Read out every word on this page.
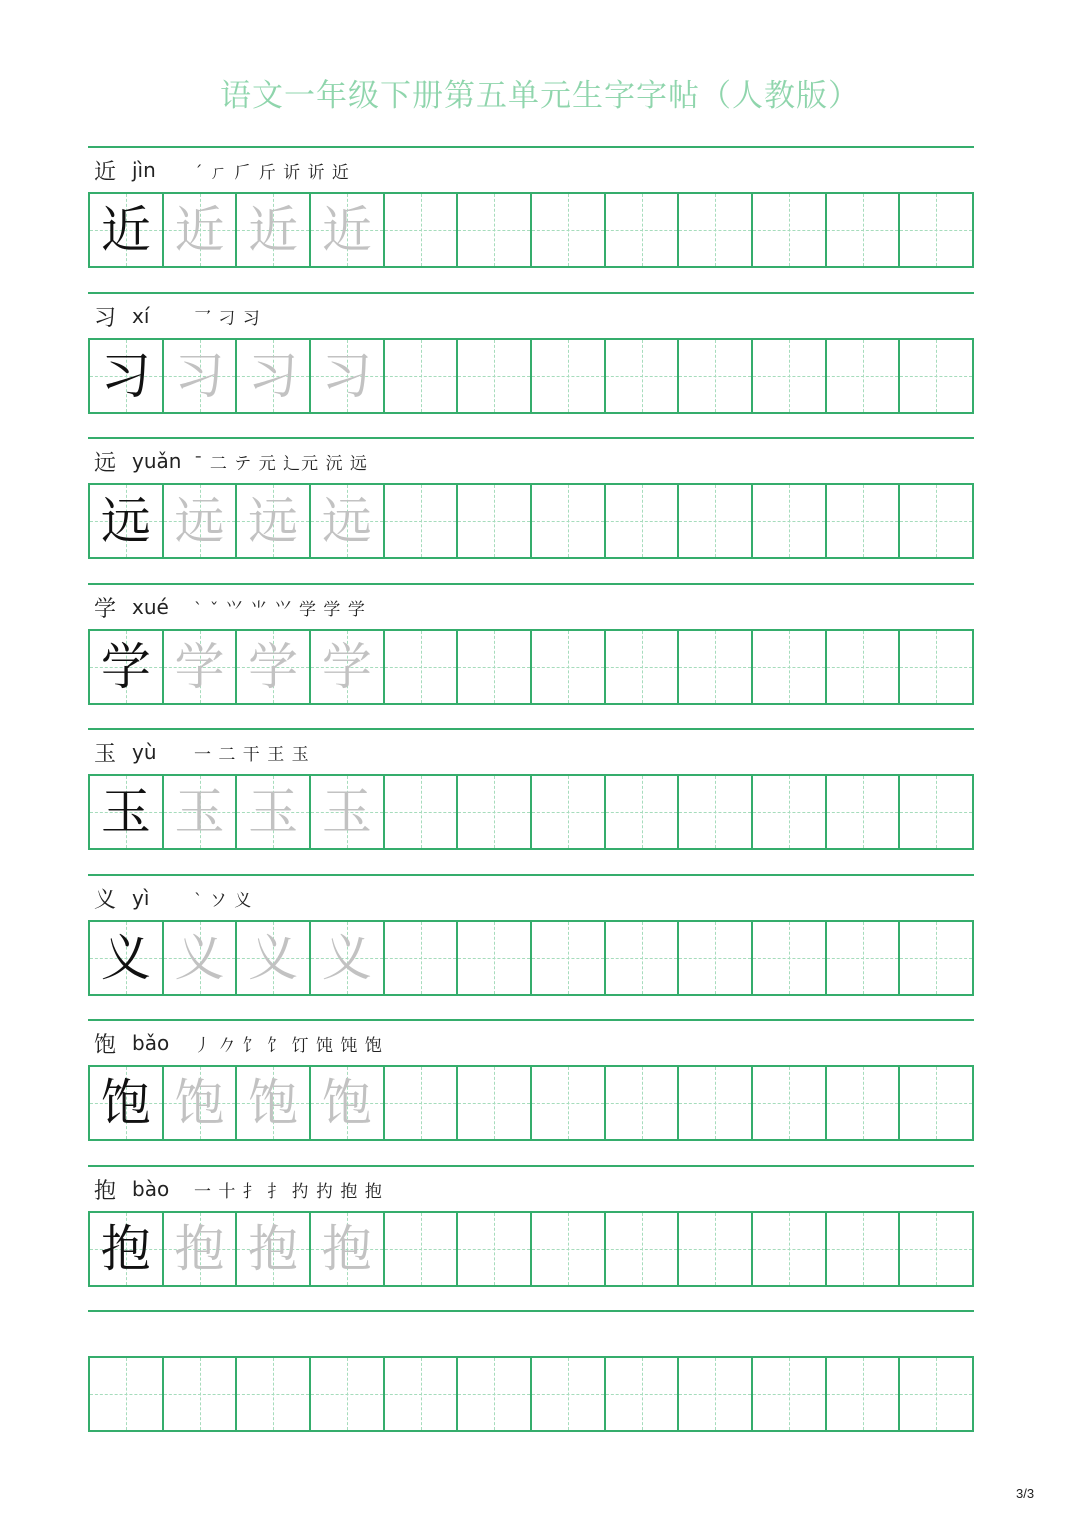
语文一年级下册第五单元生字字帖（人教版）
近 jìn	ˊ ㄏ 𠂆 斤 䜣 䜣 近
近 近 近 近
习 xí	乛 刁 习
习 习 习 习
远 yuǎn ˉ 二 テ 元 ⻌元 沅 远
远 远 远 远
学 xué	ˋ ˇ ⺍ ⺌ ⺍ 学 学 学
学 学 学 学
玉 yù	一 二 干 王 玉
玉 玉 玉 玉
义 yì	ˋ ソ 义
义 义 义 义
饱 bǎo	丿 𠂊 饣 饣 饤 饨 饨 饱
饱 饱 饱 饱
抱 bào	一 十 扌 扌 扚 扚 抱 抱
抱 抱 抱 抱
3/3
